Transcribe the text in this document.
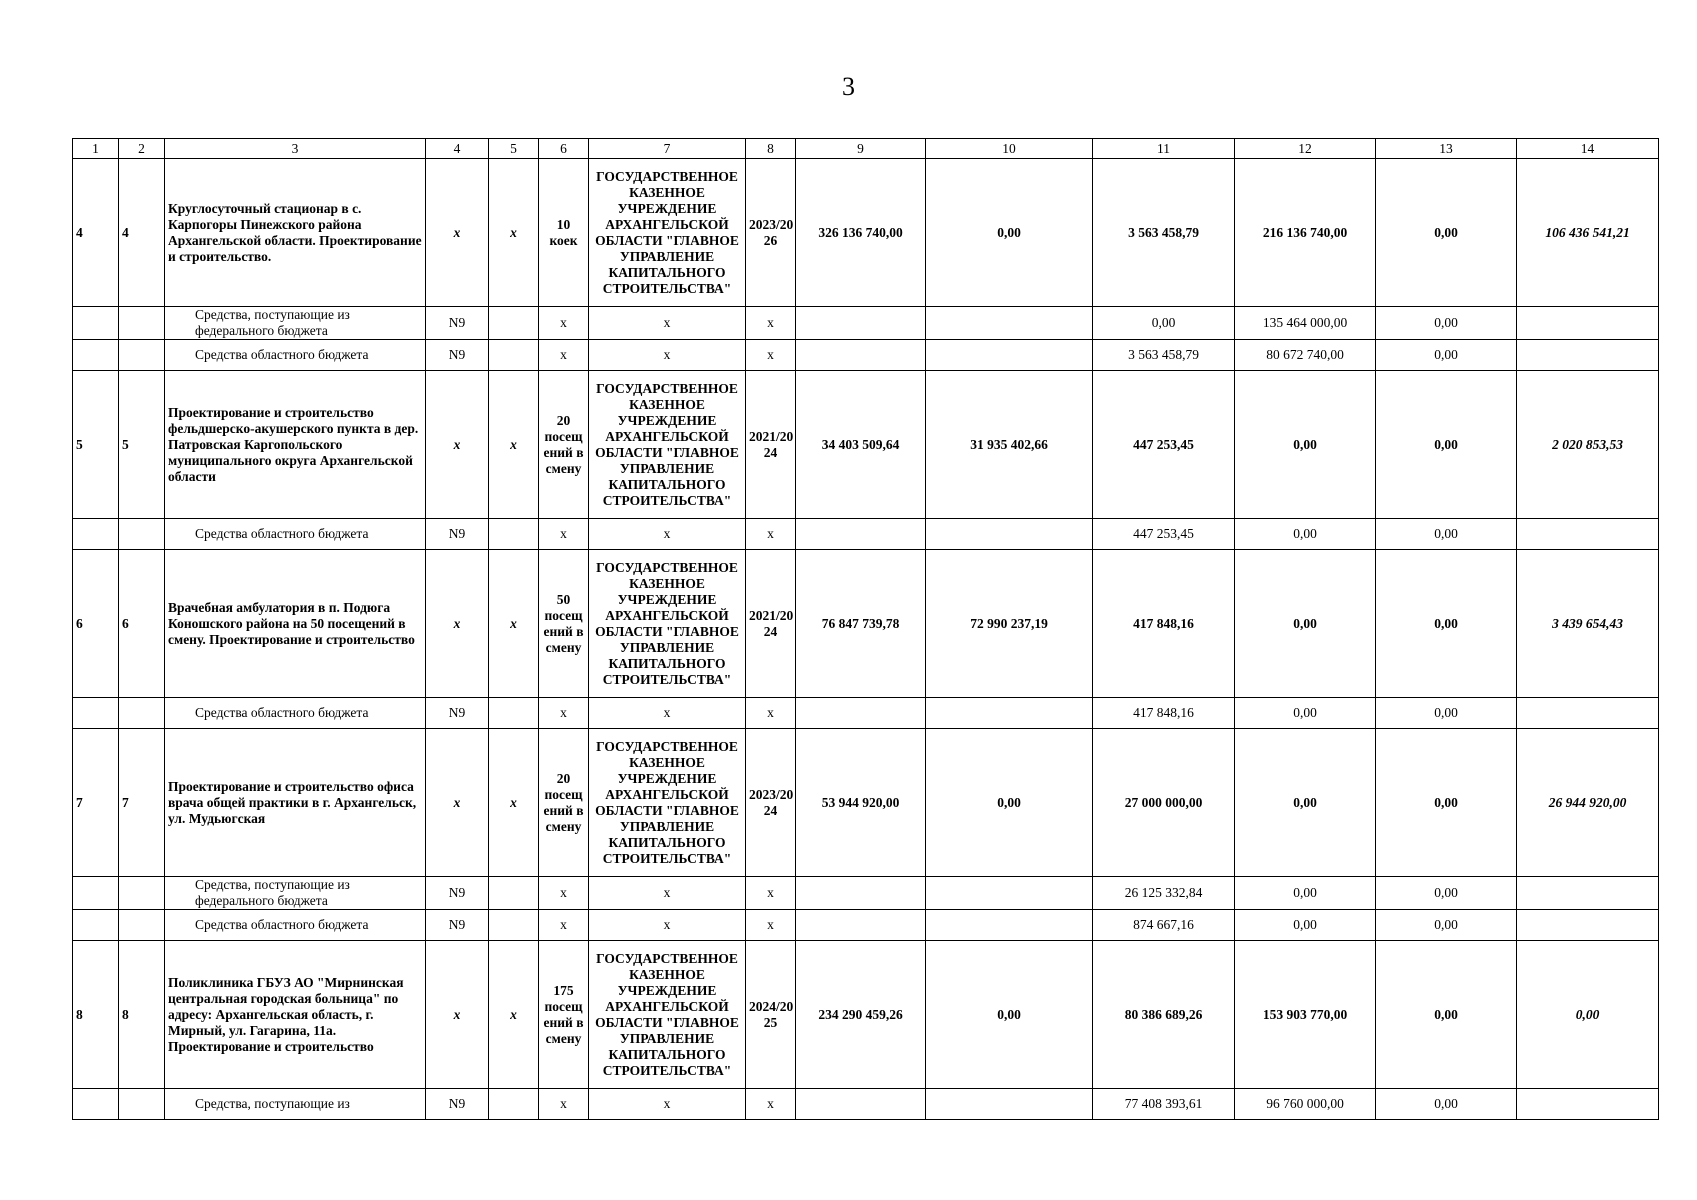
3
1	2	3	4	5	6	7	8	9	10	11	12	13	14
4	4	Круглосуточный стационар в с. Карпогоры Пинежского района Архангельской области. Проектирование и строительство.	x	x	10 коек	ГОСУДАРСТВЕННОЕ КАЗЕННОЕ УЧРЕЖДЕНИЕ АРХАНГЕЛЬСКОЙ ОБЛАСТИ "ГЛАВНОЕ УПРАВЛЕНИЕ КАПИТАЛЬНОГО СТРОИТЕЛЬСТВА"	2023/20 26	326 136 740,00	0,00	3 563 458,79	216 136 740,00	0,00	106 436 541,21
		Средства, поступающие из федерального бюджета	N9		x	x	x			0,00	135 464 000,00	0,00	
		Средства областного бюджета	N9		x	x	x			3 563 458,79	80 672 740,00	0,00	
5	5	Проектирование и строительство фельдшерско-акушерского пункта в дер. Патровская Каргопольского муниципального округа Архангельской области	x	x	20 посещ ений в смену	ГОСУДАРСТВЕННОЕ КАЗЕННОЕ УЧРЕЖДЕНИЕ АРХАНГЕЛЬСКОЙ ОБЛАСТИ "ГЛАВНОЕ УПРАВЛЕНИЕ КАПИТАЛЬНОГО СТРОИТЕЛЬСТВА"	2021/20 24	34 403 509,64	31 935 402,66	447 253,45	0,00	0,00	2 020 853,53
		Средства областного бюджета	N9		x	x	x			447 253,45	0,00	0,00	
6	6	Врачебная амбулатория в п. Подюга Коношского района на 50 посещений в смену. Проектирование и строительство	x	x	50 посещ ений в смену	ГОСУДАРСТВЕННОЕ КАЗЕННОЕ УЧРЕЖДЕНИЕ АРХАНГЕЛЬСКОЙ ОБЛАСТИ "ГЛАВНОЕ УПРАВЛЕНИЕ КАПИТАЛЬНОГО СТРОИТЕЛЬСТВА"	2021/20 24	76 847 739,78	72 990 237,19	417 848,16	0,00	0,00	3 439 654,43
		Средства областного бюджета	N9		x	x	x			417 848,16	0,00	0,00	
7	7	Проектирование и строительство офиса врача общей практики в г. Архангельск, ул. Мудьюгская	x	x	20 посещ ений в смену	ГОСУДАРСТВЕННОЕ КАЗЕННОЕ УЧРЕЖДЕНИЕ АРХАНГЕЛЬСКОЙ ОБЛАСТИ "ГЛАВНОЕ УПРАВЛЕНИЕ КАПИТАЛЬНОГО СТРОИТЕЛЬСТВА"	2023/20 24	53 944 920,00	0,00	27 000 000,00	0,00	0,00	26 944 920,00
		Средства, поступающие из федерального бюджета	N9		x	x	x			26 125 332,84	0,00	0,00	
		Средства областного бюджета	N9		x	x	x			874 667,16	0,00	0,00	
8	8	Поликлиника ГБУЗ АО "Мирнинская центральная городская больница" по адресу: Архангельская область, г. Мирный, ул. Гагарина, 11а. Проектирование и строительство	x	x	175 посещ ений в смену	ГОСУДАРСТВЕННОЕ КАЗЕННОЕ УЧРЕЖДЕНИЕ АРХАНГЕЛЬСКОЙ ОБЛАСТИ "ГЛАВНОЕ УПРАВЛЕНИЕ КАПИТАЛЬНОГО СТРОИТЕЛЬСТВА"	2024/20 25	234 290 459,26	0,00	80 386 689,26	153 903 770,00	0,00	0,00
		Средства, поступающие из	N9		x	x	x			77 408 393,61	96 760 000,00	0,00	
